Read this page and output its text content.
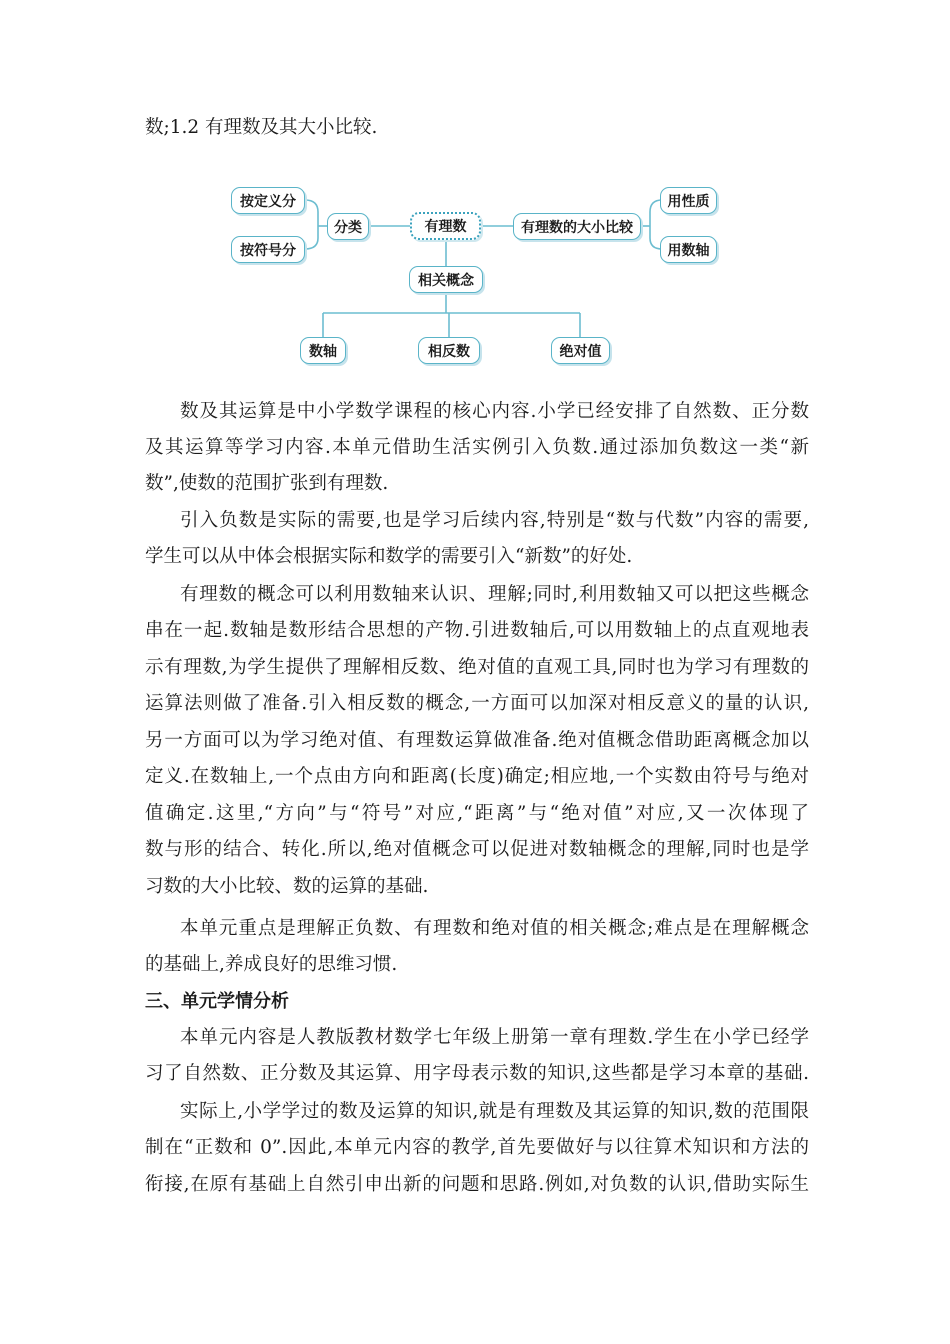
数;1.2 有理数及其大小比较.
按定义分
按符号分
分类	有理数	有理数的大小比较
用性质
用数轴
相关概念
数轴	相反数	绝对值
数及其运算是中小学数学课程的核心内容.小学已经安排了自然数、正分数
及其运算等学习内容.本单元借助生活实例引入负数.通过添加负数这一类“新
数”,使数的范围扩张到有理数.
引入负数是实际的需要,也是学习后续内容,特别是“数与代数”内容的需要,
学生可以从中体会根据实际和数学的需要引入“新数”的好处.
有理数的概念可以利用数轴来认识、理解;同时,利用数轴又可以把这些概念
串在一起.数轴是数形结合思想的产物.引进数轴后,可以用数轴上的点直观地表
示有理数,为学生提供了理解相反数、绝对值的直观工具,同时也为学习有理数的
运算法则做了准备.引入相反数的概念,一方面可以加深对相反意义的量的认识,
另一方面可以为学习绝对值、有理数运算做准备.绝对值概念借助距离概念加以
定义.在数轴上,一个点由方向和距离(长度)确定;相应地,一个实数由符号与绝对
值确定.这里,“方向”与“符号”对应,“距离”与“绝对值”对应,又一次体现了
数与形的结合、转化.所以,绝对值概念可以促进对数轴概念的理解,同时也是学
习数的大小比较、数的运算的基础.
本单元重点是理解正负数、有理数和绝对值的相关概念;难点是在理解概念
的基础上,养成良好的思维习惯.
三、单元学情分析
本单元内容是人教版教材数学七年级上册第一章有理数.学生在小学已经学
习了自然数、正分数及其运算、用字母表示数的知识,这些都是学习本章的基础.
实际上,小学学过的数及运算的知识,就是有理数及其运算的知识,数的范围限
制在“正数和 0”.因此,本单元内容的教学,首先要做好与以往算术知识和方法的
衔接,在原有基础上自然引申出新的问题和思路.例如,对负数的认识,借助实际生
